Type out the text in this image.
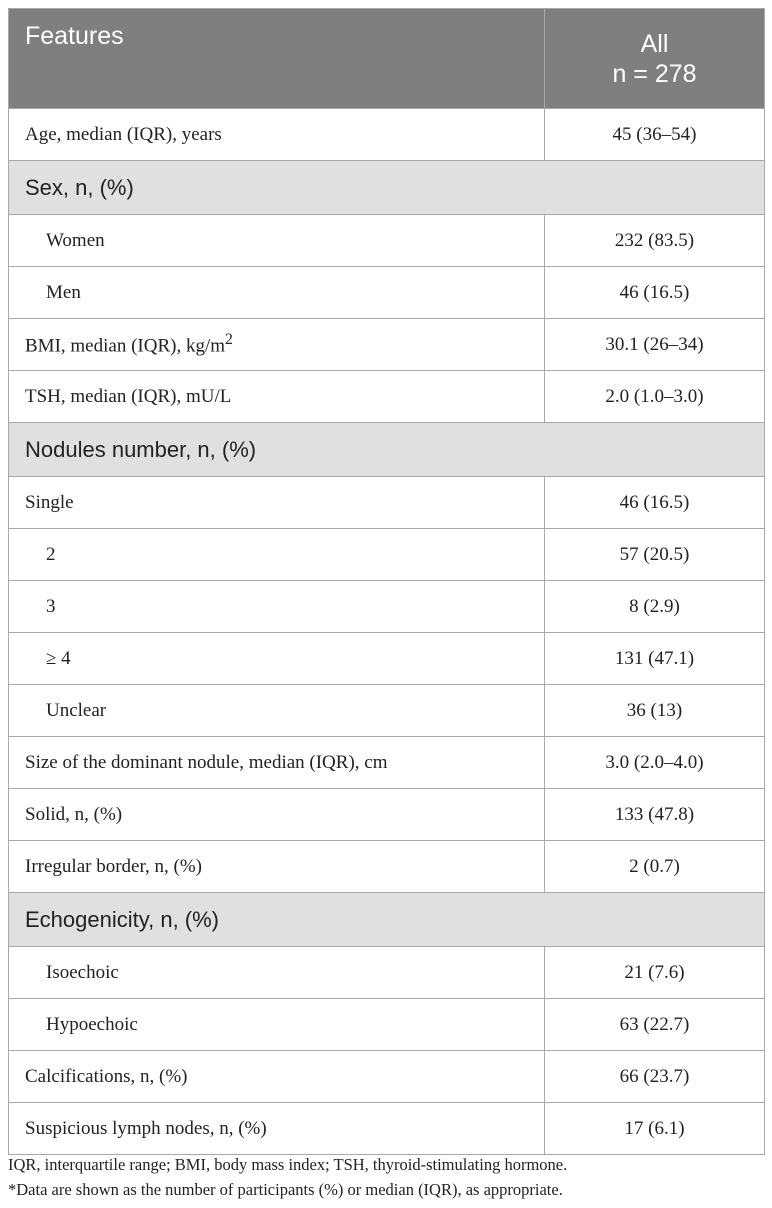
Features	All
n = 278

Age, median (IQR), years	45 (36–54)
Sex, n, (%)	
Women	232 (83.5)
Men	46 (16.5)
BMI, median (IQR), $kg/m^2$	30.1 (26–34)
TSH, median (IQR), mU/L	2.0 (1.0–3.0)
Nodules number, n, (%)	
Single	46 (16.5)
2	57 (20.5)
3	8 (2.9)
≥ 4	131 (47.1)
Unclear	36 (13)
Size of the dominant nodule, median (IQR), cm	3.0 (2.0–4.0)
Solid, n, (%)	133 (47.8)
Irregular border, n, (%)	2 (0.7)
Echogenicity, n, (%)	
Isoechoic	21 (7.6)
Hypoechoic	63 (22.7)
Calcifications, n, (%)	66 (23.7)
Suspicious lymph nodes, n, (%)	17 (6.1)

IQR, interquartile range; BMI, body mass index; TSH, thyroid-stimulating hormone.

*Data are shown as the number of participants (%) or median (IQR), as appropriate.
